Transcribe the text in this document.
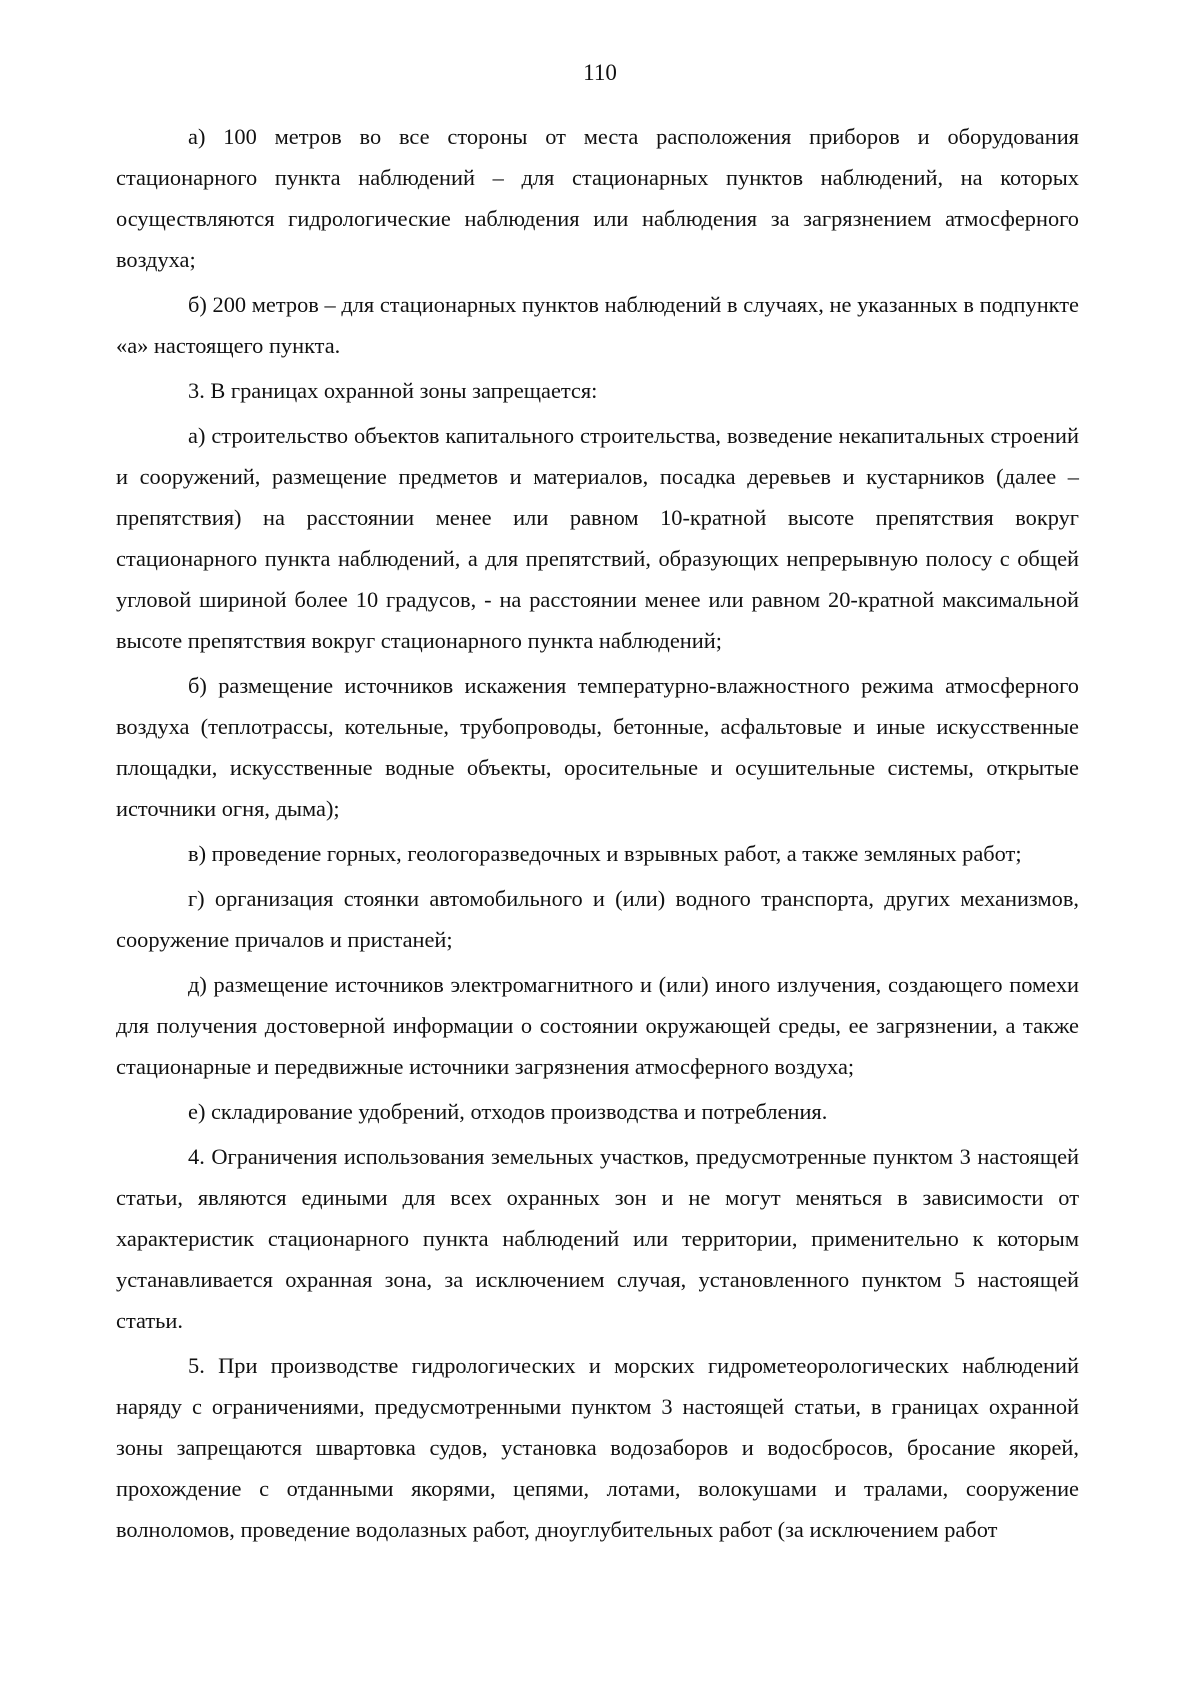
110

а) 100 метров во все стороны от места расположения приборов и оборудования стационарного пункта наблюдений – для стационарных пунктов наблюдений, на которых осуществляются гидрологические наблюдения или наблюдения за загрязнением атмосферного воздуха;

б) 200 метров – для стационарных пунктов наблюдений в случаях, не указанных в подпункте «а» настоящего пункта.

3. В границах охранной зоны запрещается:

а) строительство объектов капитального строительства, возведение некапитальных строений и сооружений, размещение предметов и материалов, посадка деревьев и кустарников (далее – препятствия) на расстоянии менее или равном 10-кратной высоте препятствия вокруг стационарного пункта наблюдений, а для препятствий, образующих непрерывную полосу с общей угловой шириной более 10 градусов, - на расстоянии менее или равном 20-кратной максимальной высоте препятствия вокруг стационарного пункта наблюдений;

б) размещение источников искажения температурно-влажностного режима атмосферного воздуха (теплотрассы, котельные, трубопроводы, бетонные, асфальтовые и иные искусственные площадки, искусственные водные объекты, оросительные и осушительные системы, открытые источники огня, дыма);

в) проведение горных, геологоразведочных и взрывных работ, а также земляных работ;

г) организация стоянки автомобильного и (или) водного транспорта, других механизмов, сооружение причалов и пристаней;

д) размещение источников электромагнитного и (или) иного излучения, создающего помехи для получения достоверной информации о состоянии окружающей среды, ее загрязнении, а также стационарные и передвижные источники загрязнения атмосферного воздуха;

е) складирование удобрений, отходов производства и потребления.

4. Ограничения использования земельных участков, предусмотренные пунктом 3 настоящей статьи, являются едиными для всех охранных зон и не могут меняться в зависимости от характеристик стационарного пункта наблюдений или территории, применительно к которым устанавливается охранная зона, за исключением случая, установленного пунктом 5 настоящей статьи.

5. При производстве гидрологических и морских гидрометеорологических наблюдений наряду с ограничениями, предусмотренными пунктом 3 настоящей статьи, в границах охранной зоны запрещаются швартовка судов, установка водозаборов и водосбросов, бросание якорей, прохождение с отданными якорями, цепями, лотами, волокушами и тралами, сооружение волноломов, проведение водолазных работ, дноуглубительных работ (за исключением работ
